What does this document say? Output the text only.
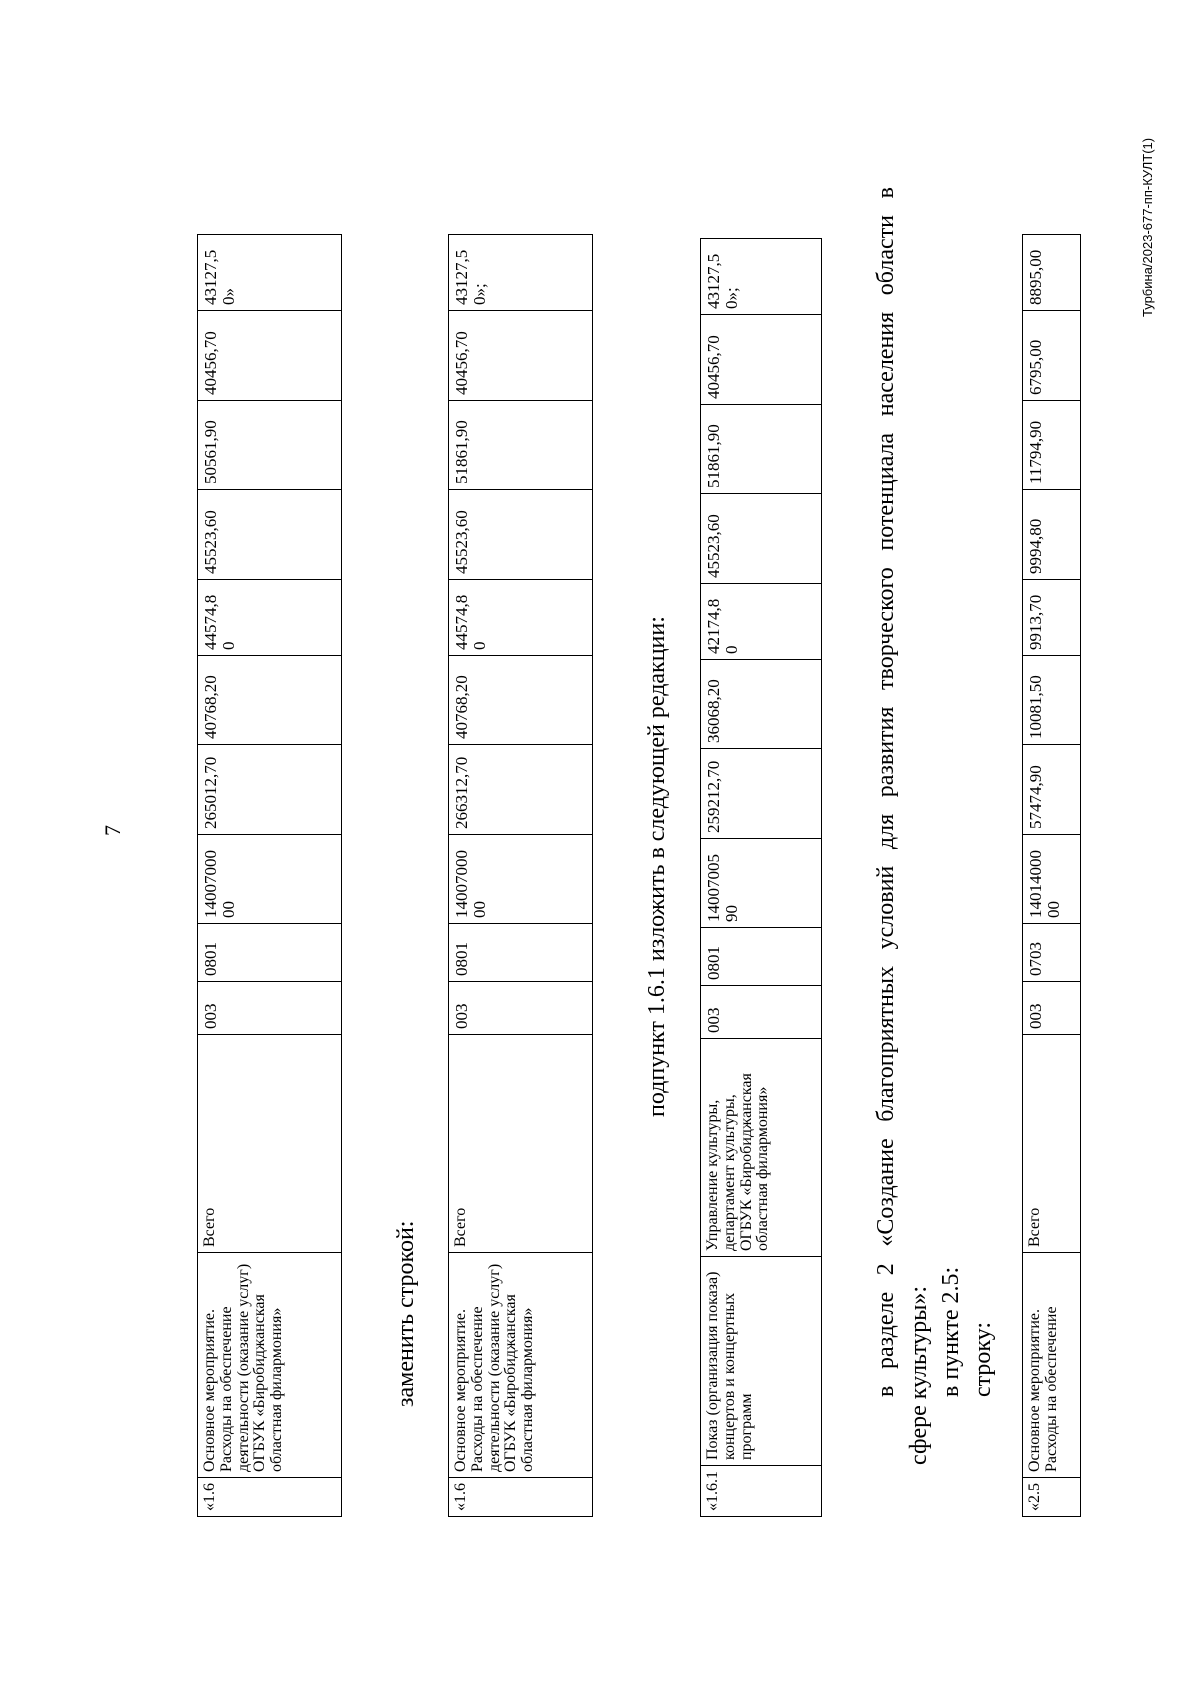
7
«1.6	Основное мероприятие. Расходы на обеспечение деятельности (оказание услуг) ОГБУК «Биробиджанская областная филармония»	Всего	003	0801	14007000 00	265012,70	40768,20	44574,8 0	45523,60	50561,90	40456,70	43127,5 0»
заменить строкой:
«1.6	Основное мероприятие. Расходы на обеспечение деятельности (оказание услуг) ОГБУК «Биробиджанская областная филармония»	Всего	003	0801	14007000 00	266312,70	40768,20	44574,8 0	45523,60	51861,90	40456,70	43127,5 0»;
подпункт 1.6.1 изложить в следующей редакции:
«1.6.1	Показ (организация показа) концертов и концертных программ	Управление культуры, департамент культуры, ОГБУК «Биробиджанская областная филармония»	003	0801	14007005 90	259212,70	36068,20	42174,8 0	45523,60	51861,90	40456,70	43127,5 0»;	в разделе 2 «Создание благоприятных условий для развития творческого потенциала населения области в сфере культуры»: в пункте 2.5: строку:
«2.5	Основное мероприятие. Расходы на обеспечение	Всего	003	0703	14014000 00	57474,90	10081,50	9913,70	9994,80	11794,90	6795,00	8895,00	Турбина/2023-677-пп-КУЛТ(1)
